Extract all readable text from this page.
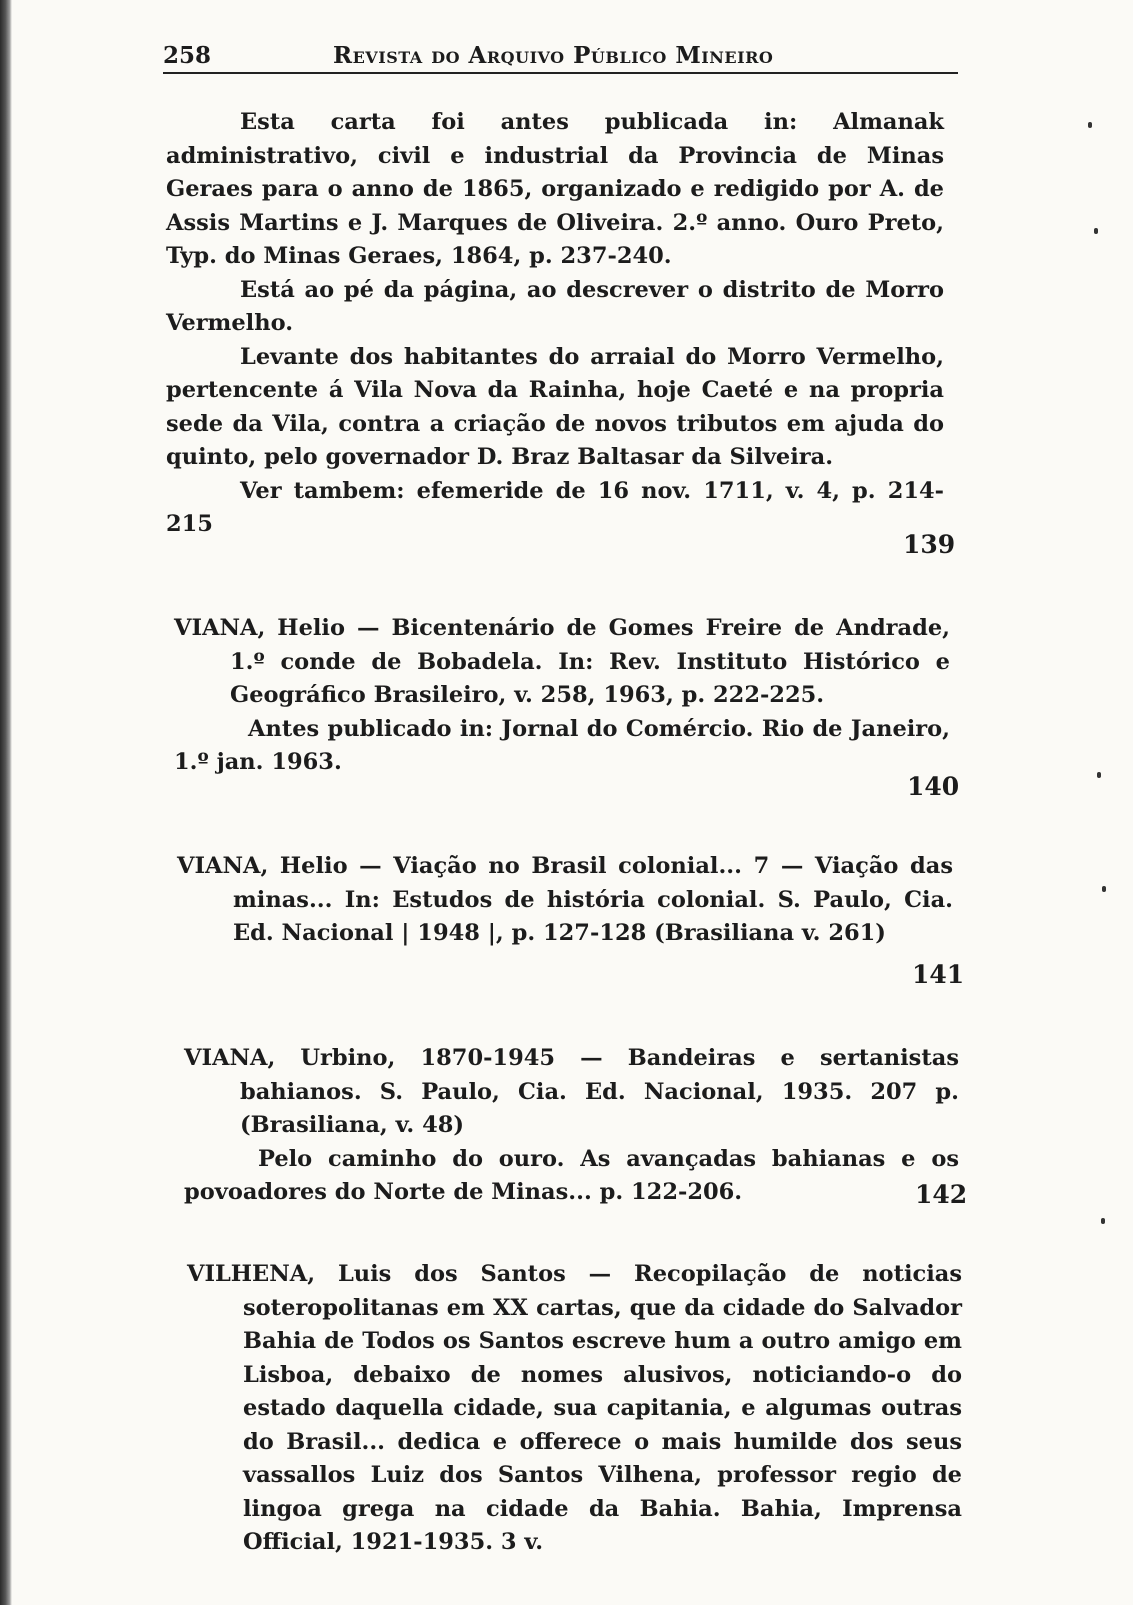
258	Revista do Arquivo Público Mineiro

Esta carta foi antes publicada in: Almanak administrativo, civil e industrial da Provincia de Minas Geraes para o anno de 1865, organizado e redigido por A. de Assis Martins e J. Marques de Oliveira. 2.º anno. Ouro Preto, Typ. do Minas Geraes, 1864, p. 237-240.

Está ao pé da página, ao descrever o distrito de Morro Vermelho.

Levante dos habitantes do arraial do Morro Vermelho, pertencente á Vila Nova da Rainha, hoje Caeté e na propria sede da Vila, contra a criação de novos tributos em ajuda do quinto, pelo governador D. Braz Baltasar da Silveira.

Ver tambem: efemeride de 16 nov. 1711, v. 4, p. 214-215

139

VIANA, Helio — Bicentenário de Gomes Freire de Andrade, 1.º conde de Bobadela. In: Rev. Instituto Histórico e Geográfico Brasileiro, v. 258, 1963, p. 222-225.

Antes publicado in: Jornal do Comércio. Rio de Janeiro, 1.º jan. 1963.

140

VIANA, Helio — Viação no Brasil colonial... 7 — Viação das minas... In: Estudos de história colonial. S. Paulo, Cia. Ed. Nacional | 1948 |, p. 127-128 (Brasiliana v. 261)

141

VIANA, Urbino, 1870-1945 — Bandeiras e sertanistas bahianos. S. Paulo, Cia. Ed. Nacional, 1935. 207 p. (Brasiliana, v. 48)

Pelo caminho do ouro. As avançadas bahianas e os povoadores do Norte de Minas... p. 122-206.	142

VILHENA, Luis dos Santos — Recopilação de noticias soteropolitanas em XX cartas, que da cidade do Salvador Bahia de Todos os Santos escreve hum a outro amigo em Lisboa, debaixo de nomes alusivos, noticiando-o do estado daquella cidade, sua capitania, e algumas outras do Brasil... dedica e offerece o mais humilde dos seus vassallos Luiz dos Santos Vilhena, professor regio de lingoa grega na cidade da Bahia. Bahia, Imprensa Official, 1921-1935. 3 v.
